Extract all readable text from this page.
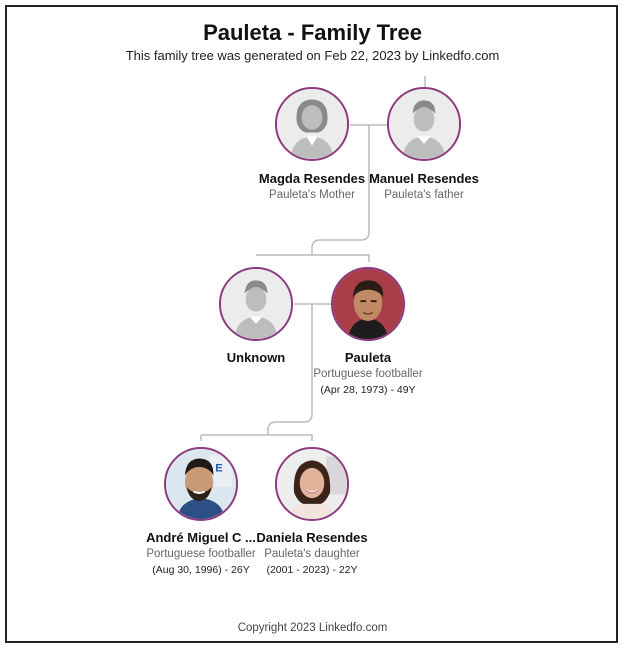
Pauleta - Family Tree
This family tree was generated on Feb 22, 2023 by Linkedfo.com
Magda Resendes
Pauleta's Mother
Manuel Resendes
Pauleta's father
Unknown	Pauleta
Portuguese footballer
(Apr 28, 1973) - 49Y
E
André Miguel C ...
Portuguese footballer
(Aug 30, 1996) - 26Y
Daniela Resendes
Pauleta's daughter
(2001 - 2023) - 22Y
Copyright 2023 Linkedfo.com
